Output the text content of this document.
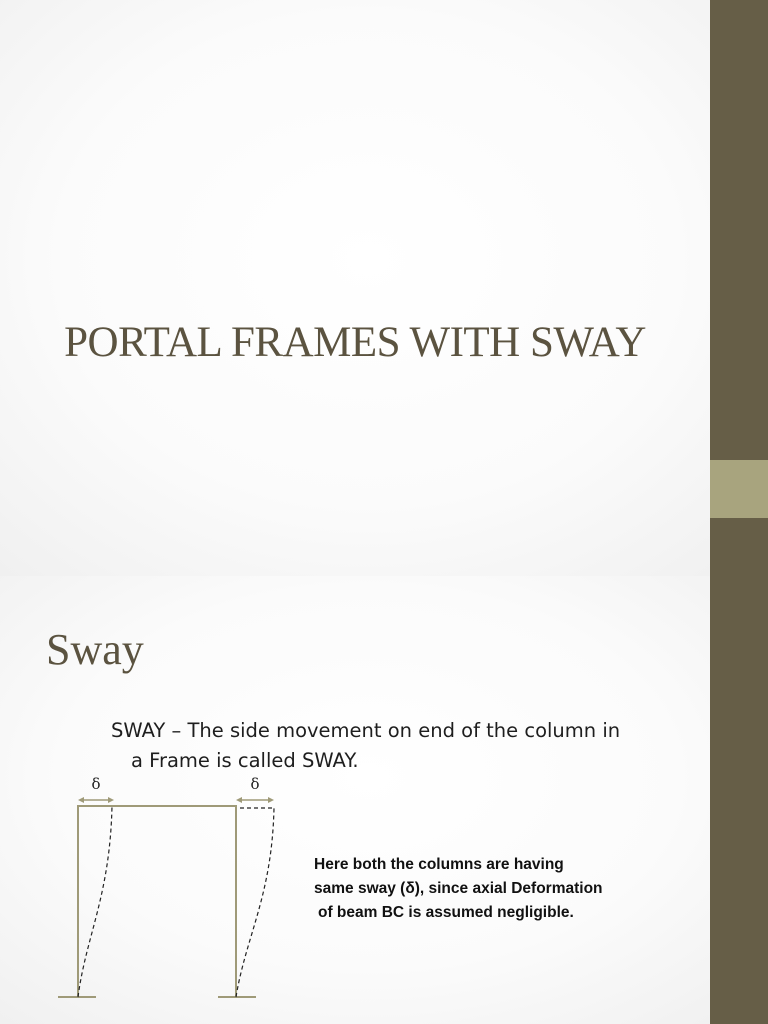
PORTAL FRAMES WITH SWAY
Sway
SWAY – The side movement on end of the column in
a Frame is called SWAY.
δ	δ
Here both the columns are having
same sway (δ), since axial Deformation
of beam BC is assumed negligible.
